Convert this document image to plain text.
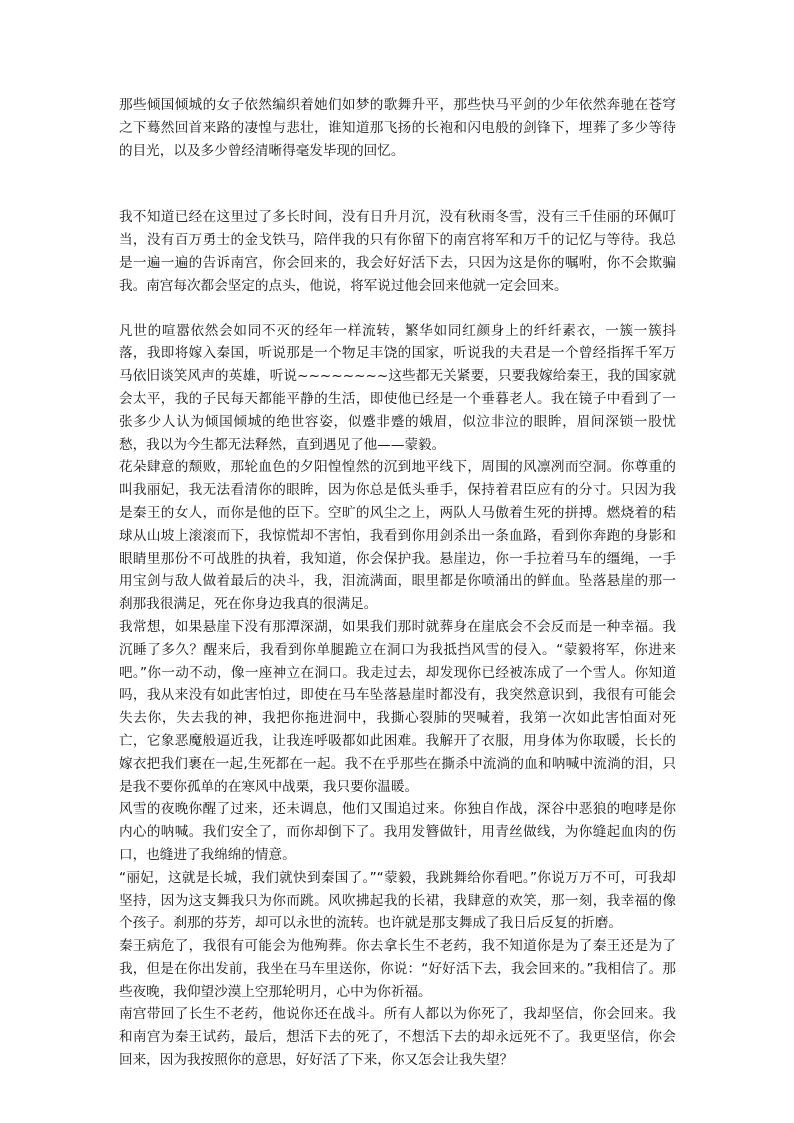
那些倾国倾城的女子依然编织着她们如梦的歌舞升平，那些快马平剑的少年依然奔驰在苍穹之下蓦然回首来路的凄惶与悲壮，谁知道那飞扬的长袍和闪电般的剑锋下，埋葬了多少等待的目光，以及多少曾经清晰得毫发毕现的回忆。

我不知道已经在这里过了多长时间，没有日升月沉，没有秋雨冬雪，没有三千佳丽的环佩叮当，没有百万勇士的金戈铁马，陪伴我的只有你留下的南宫将军和万千的记忆与等待。我总是一遍一遍的告诉南宫，你会回来的，我会好好活下去，只因为这是你的嘱咐，你不会欺骗我。南宫每次都会坚定的点头，他说，将军说过他会回来他就一定会回来。

凡世的喧嚣依然会如同不灭的经年一样流转，繁华如同红颜身上的纤纤素衣，一簇一簇抖落，我即将嫁入秦国，听说那是一个物足丰饶的国家，听说我的夫君是一个曾经指挥千军万马依旧谈笑风声的英雄，听说~~~~~~~~这些都无关紧要，只要我嫁给秦王，我的国家就会太平，我的子民每天都能平静的生活，即使他已经是一个垂暮老人。我在镜子中看到了一张多少人认为倾国倾城的绝世容姿，似蹙非蹙的娥眉，似泣非泣的眼眸，眉间深锁一股忧愁，我以为今生都无法释然，直到遇见了他——蒙毅。

花朵肆意的颓败，那轮血色的夕阳惶惶然的沉到地平线下，周围的风凛冽而空洞。你尊重的叫我丽妃，我无法看清你的眼眸，因为你总是低头垂手，保持着君臣应有的分寸。只因为我是秦王的女人，而你是他的臣下。空旷的风尘之上，两队人马傲着生死的拼搏。燃烧着的秸球从山坡上滚滚而下，我惊慌却不害怕，我看到你用剑杀出一条血路，看到你奔跑的身影和眼睛里那份不可战胜的执着，我知道，你会保护我。悬崖边，你一手拉着马车的缰绳，一手用宝剑与敌人做着最后的决斗，我，泪流满面，眼里都是你喷涌出的鲜血。坠落悬崖的那一刹那我很满足，死在你身边我真的很满足。

我常想，如果悬崖下没有那潭深湖，如果我们那时就葬身在崖底会不会反而是一种幸福。我沉睡了多久？醒来后，我看到你单腿跪立在洞口为我抵挡风雪的侵入。“蒙毅将军，你进来吧。”你一动不动，像一座神立在洞口。我走过去，却发现你已经被冻成了一个雪人。你知道吗，我从来没有如此害怕过，即使在马车坠落悬崖时都没有，我突然意识到，我很有可能会失去你，失去我的神，我把你拖进洞中，我撕心裂肺的哭喊着，我第一次如此害怕面对死亡，它象恶魔般逼近我，让我连呼吸都如此困难。我解开了衣服，用身体为你取暖，长长的嫁衣把我们裹在一起,生死都在一起。我不在乎那些在撕杀中流淌的血和呐喊中流淌的泪，只是我不要你孤单的在寒风中战栗，我只要你温暖。

风雪的夜晚你醒了过来，还未调息，他们又围追过来。你独自作战，深谷中恶狼的咆哮是你内心的呐喊。我们安全了，而你却倒下了。我用发簪做针，用青丝做线，为你缝起血肉的伤口，也缝进了我绵绵的情意。

“丽妃，这就是长城，我们就快到秦国了。”“蒙毅，我跳舞给你看吧。”你说万万不可，可我却坚持，因为这支舞我只为你而跳。风吹拂起我的长裙，我肆意的欢笑，那一刻，我幸福的像个孩子。刹那的芬芳，却可以永世的流转。也许就是那支舞成了我日后反复的折磨。

秦王病危了，我很有可能会为他殉葬。你去拿长生不老药，我不知道你是为了秦王还是为了我，但是在你出发前，我坐在马车里送你，你说：“好好活下去，我会回来的。”我相信了。那些夜晚，我仰望沙漠上空那轮明月，心中为你祈福。

南宫带回了长生不老药，他说你还在战斗。所有人都以为你死了，我却坚信，你会回来。我和南宫为秦王试药，最后，想活下去的死了，不想活下去的却永远死不了。我更坚信，你会回来，因为我按照你的意思，好好活了下来，你又怎会让我失望？
